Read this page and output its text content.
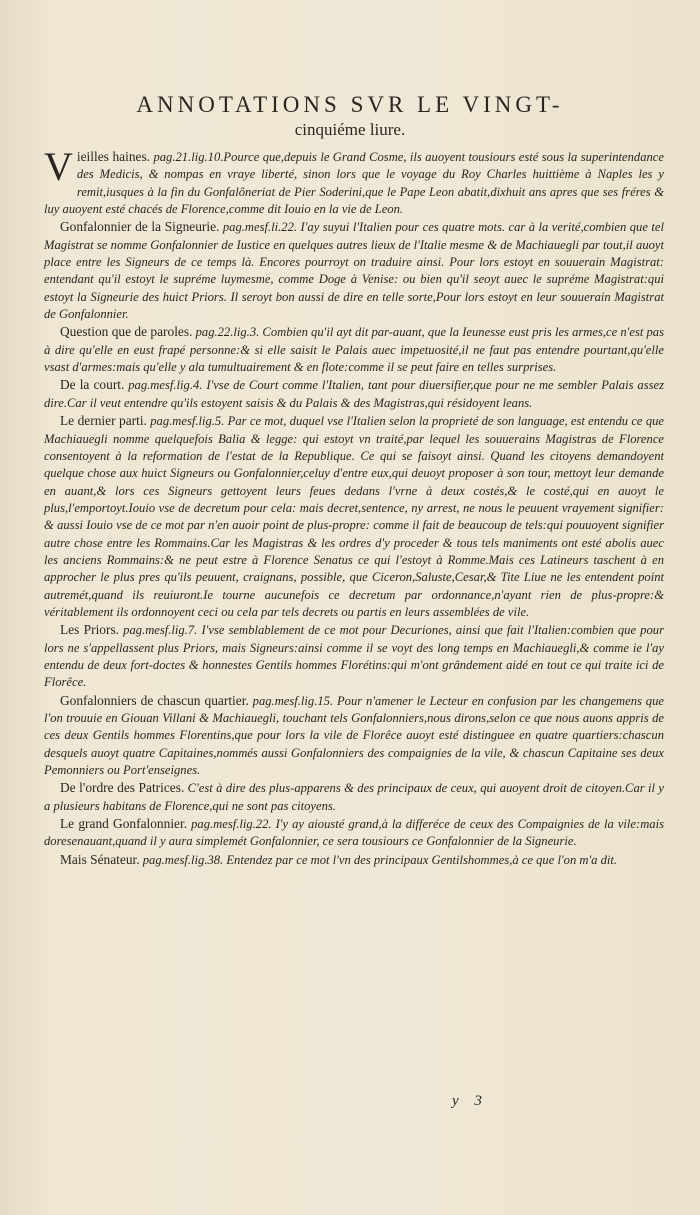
ANNOTATIONS SVR LE VINGT-
cinquiéme liure.

V ieilles haines. pag.21.lig.10.Pource que,depuis le Grand Cosme, ils auoyent tousiours esté sous la superintendance des Medicis, & nompas en vraye liberté, sinon lors que le voyage du Roy Charles huittième à Naples les y remit,iusques à la fin du Gonfalôneriat de Pier Soderini,que le Pape Leon abatit,dixhuit ans apres que ses fréres & luy auoyent esté chacés de Florence,comme dit Iouio en la vie de Leon.

Gonfalonnier de la Signeurie. pag.mesf.li.22. I'ay suyui l'Italien pour ces quatre mots. car à la verité,combien que tel Magistrat se nomme Gonfalonnier de Iustice en quelques autres lieux de l'Italie mesme & de Machiauegli par tout,il auoyt place entre les Signeurs de ce temps là. Encores pourroyt on traduire ainsi. Pour lors estoyt en souuerain Magistrat: entendant qu'il estoyt le supréme luymesme, comme Doge à Venise: ou bien qu'il seoyt auec le supréme Magistrat:qui estoyt la Signeurie des huict Priors. Il seroyt bon aussi de dire en telle sorte,Pour lors estoyt en leur souuerain Magistrat de Gonfalonnier.

Question que de paroles. pag.22.lig.3. Combien qu'il ayt dit par-auant, que la Ieunesse eust pris les armes,ce n'est pas à dire qu'elle en eust frapé personne:& si elle saisit le Palais auec impetuosité,il ne faut pas entendre pourtant,qu'elle vsast d'armes:mais qu'elle y ala tumultuairement & en flote:comme il se peut faire en telles surprises.

De la court. pag.mesf.lig.4. I'vse de Court comme l'Italien, tant pour diuersifier,que pour ne me sembler Palais assez dire.Car il veut entendre qu'ils estoyent saisis & du Palais & des Magistras,qui résidoyent leans.

Le dernier parti. pag.mesf.lig.5. Par ce mot, duquel vse l'Italien selon la proprieté de son language, est entendu ce que Machiauegli nomme quelquefois Balia & legge: qui estoyt vn traité,par lequel les souuerains Magistras de Florence consentoyent à la reformation de l'estat de la Republique. Ce qui se faisoyt ainsi. Quand les citoyens demandoyent quelque chose aux huict Signeurs ou Gonfalonnier,celuy d'entre eux,qui deuoyt proposer à son tour, mettoyt leur demande en auant,& lors ces Signeurs gettoyent leurs feues dedans l'vrne à deux costés,& le costé,qui en auoyt le plus,l'emportoyt.Iouio vse de decretum pour cela: mais decret,sentence, ny arrest, ne nous le peuuent vrayement signifier: & aussi Iouio vse de ce mot par n'en auoir point de plus-propre: comme il fait de beaucoup de tels:qui pouuoyent signifier autre chose entre les Rommains.Car les Magistras & les ordres d'y proceder & tous tels maniments ont esté abolis auec les anciens Rommains:& ne peut estre à Florence Senatus ce qui l'estoyt à Romme.Mais ces Latineurs taschent à en approcher le plus pres qu'ils peuuent, craignans, possible, que Ciceron,Saluste,Cesar,& Tite Liue ne les entendent point autremét,quand ils reuiuront.Ie tourne aucunefois ce decretum par ordonnance,n'ayant rien de plus-propre:& véritablement ils ordonnoyent ceci ou cela par tels decrets ou partis en leurs assemblées de vile.

Les Priors. pag.mesf.lig.7. I'vse semblablement de ce mot pour Decuriones, ainsi que fait l'Italien:combien que pour lors ne s'appellassent plus Priors, mais Signeurs:ainsi comme il se voyt des long temps en Machiauegli,& comme ie l'ay entendu de deux fort-doctes & honnestes Gentils hommes Florétins:qui m'ont grândement aidé en tout ce qui traite ici de Florêce.

Gonfalonniers de chascun quartier. pag.mesf.lig.15. Pour n'amener le Lecteur en confusion par les changemens que l'on trouuie en Giouan Villani & Machiauegli, touchant tels Gonfalonniers,nous dirons,selon ce que nous auons appris de ces deux Gentils hommes Florentins,que pour lors la vile de Florêce auoyt esté distinguee en quatre quartiers:chascun desquels auoyt quatre Capitaines,nommés aussi Gonfalonniers des compaignies de la vile, & chascun Capitaine ses deux Pemonniers ou Port'enseignes.

De l'ordre des Patrices. C'est à dire des plus-apparens & des principaux de ceux, qui auoyent droit de citoyen.Car il y a plusieurs habitans de Florence,qui ne sont pas citoyens.

Le grand Gonfalonnier. pag.mesf.lig.22. I'y ay aiousté grand,à la differéce de ceux des Compaignies de la vile:mais doresenauant,quand il y aura simplemét Gonfalonnier, ce sera tousiours ce Gonfalonnier de la Signeurie.

Mais Sénateur. pag.mesf.lig.38. Entendez par ce mot l'vn des principaux Gentilshommes,à ce que l'on m'a dit.

y 3
